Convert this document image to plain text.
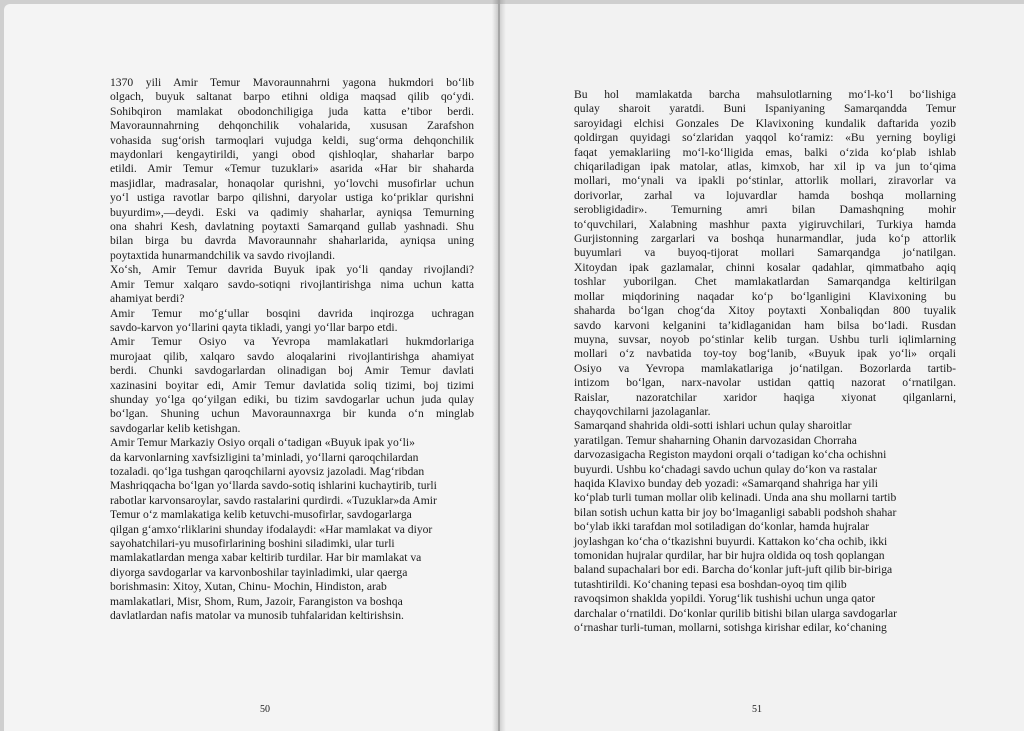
1370 yili Amir Temur Mavoraunnahrni yagona hukmdori bo‘lib
olgach, buyuk saltanat barpo etihni oldiga maqsad qilib qo‘ydi.
Sohibqiron mamlakat obodonchiligiga juda katta e’tibor berdi.
Mavoraunnahrning dehqonchilik vohalarida, xususan Zarafshon
vohasida sug‘orish tarmoqlari vujudga keldi, sug‘orma dehqonchilik
maydonlari kengaytirildi, yangi obod qishloqlar, shaharlar barpo
etildi. Amir Temur «Temur tuzuklari» asarida «Har bir shaharda
masjidlar, madrasalar, honaqolar qurishni, yo‘lovchi musofirlar uchun
yo‘l ustiga ravotlar barpo qilishni, daryolar ustiga ko‘priklar qurishni
buyurdim»,—deydi. Eski va qadimiy shaharlar, ayniqsa Temurning
ona shahri Kesh, davlatning poytaxti Samarqand gullab yashnadi. Shu
bilan birga bu davrda Mavoraunnahr shaharlarida, ayniqsa uning
poytaxtida hunarmandchilik va savdo rivojlandi.

Xo‘sh, Amir Temur davrida Buyuk ipak yo‘li qanday rivojlandi?
Amir Temur xalqaro savdo-sotiqni rivojlantirishga nima uchun katta
ahamiyat berdi?

Amir Temur mo‘g‘ullar bosqini davrida inqirozga uchragan
savdo-karvon yo‘llarini qayta tikladi, yangi yo‘llar barpo etdi.

Amir Temur Osiyo va Yevropa mamlakatlari hukmdorlariga
murojaat qilib, xalqaro savdo aloqalarini rivojlantirishga ahamiyat
berdi. Chunki savdogarlardan olinadigan boj Amir Temur davlati
xazinasini boyitar edi, Amir Temur davlatida soliq tizimi, boj tizimi
shunday yo‘lga qo‘yilgan ediki, bu tizim savdogarlar uchun juda qulay
bo‘lgan. Shuning uchun Mavoraunnaxrga bir kunda o‘n minglab
savdogarlar kelib ketishgan.

Amir Temur Markaziy Osiyo orqali o‘tadigan «Buyuk ipak yo‘li»
da karvonlarning xavfsizligini ta’minladi, yo‘llarni qaroqchilardan
tozaladi. qo‘lga tushgan qaroqchilarni ayovsiz jazoladi. Mag‘ribdan
Mashriqqacha bo‘lgan yo‘llarda savdo-sotiq ishlarini kuchaytirib, turli
rabotlar karvonsaroylar, savdo rastalarini qurdirdi. «Tuzuklar»da Amir
Temur o‘z mamlakatiga kelib ketuvchi-musofirlar, savdogarlarga
qilgan g‘amxo‘rliklarini shunday ifodalaydi: «Har mamlakat va diyor
sayohatchilari-yu musofirlarining boshini siladimki, ular turli
mamlakatlardan menga xabar keltirib turdilar. Har bir mamlakat va
diyorga savdogarlar va karvonboshilar tayinladimki, ular qaerga
borishmasin: Xitoy, Xutan, Chinu- Mochin, Hindiston, arab
mamlakatlari, Misr, Shom, Rum, Jazoir, Farangiston va boshqa
davlatlardan nafis matolar va munosib tuhfalaridan keltirishsin.

50

Bu hol mamlakatda barcha mahsulotlarning mo‘l-ko‘l bo‘lishiga
qulay sharoit yaratdi. Buni Ispaniyaning Samarqandda Temur
saroyidagi elchisi Gonzales De Klavixoning kundalik daftarida yozib
qoldirgan quyidagi so‘zlaridan yaqqol ko‘ramiz: «Bu yerning boyligi
faqat yemaklariing mo‘l-ko‘lligida emas, balki o‘zida ko‘plab ishlab
chiqariladigan ipak matolar, atlas, kimxob, har xil ip va jun to‘qima
mollari, mo‘ynali va ipakli po‘stinlar, attorlik mollari, ziravorlar va
dorivorlar, zarhal va lojuvardlar hamda boshqa mollarning
serobligidadir». Temurning amri bilan Damashqning mohir
to‘quvchilari, Xalabning mashhur paxta yigiruvchilari, Turkiya hamda
Gurjistonning zargarlari va boshqa hunarmandlar, juda ko‘p attorlik
buyumlari va buyoq-tijorat mollari Samarqandga jo‘natilgan.
Xitoydan ipak gazlamalar, chinni kosalar qadahlar, qimmatbaho aqiq
toshlar yuborilgan. Chet mamlakatlardan Samarqandga keltirilgan
mollar miqdorining naqadar ko‘p bo‘lganligini Klavixoning bu
shaharda bo‘lgan chog‘da Xitoy poytaxti Xonbaliqdan 800 tuyalik
savdo karvoni kelganini ta’kidlaganidan ham bilsa bo‘ladi. Rusdan
muyna, suvsar, noyob po‘stinlar kelib turgan. Ushbu turli iqlimlarning
mollari o‘z navbatida toy-toy bog‘lanib, «Buyuk ipak yo‘li» orqali
Osiyo va Yevropa mamlakatlariga jo‘natilgan. Bozorlarda tartib-
intizom bo‘lgan, narx-navolar ustidan qattiq nazorat o‘rnatilgan.
Raislar, nazoratchilar xaridor haqiga xiyonat qilganlarni,
chayqovchilarni jazolaganlar.

Samarqand shahrida oldi-sotti ishlari uchun qulay sharoitlar
yaratilgan. Temur shaharning Ohanin darvozasidan Chorraha
darvozasigacha Registon maydoni orqali o‘tadigan ko‘cha ochishni
buyurdi. Ushbu ko‘chadagi savdo uchun qulay do‘kon va rastalar
haqida Klavixo bunday deb yozadi: «Samarqand shahriga har yili
ko‘plab turli tuman mollar olib kelinadi. Unda ana shu mollarni tartib
bilan sotish uchun katta bir joy bo‘lmaganligi sababli podshoh shahar
bo‘ylab ikki tarafdan mol sotiladigan do‘konlar, hamda hujralar
joylashgan ko‘cha o‘tkazishni buyurdi. Kattakon ko‘cha ochib, ikki
tomonidan hujralar qurdilar, har bir hujra oldida oq tosh qoplangan
baland supachalari bor edi. Barcha do‘konlar juft-juft qilib bir-biriga
tutashtirildi. Ko‘chaning tepasi esa boshdan-oyoq tim qilib
ravoqsimon shaklda yopildi. Yorug‘lik tushishi uchun unga qator
darchalar o‘rnatildi. Do‘konlar qurilib bitishi bilan ularga savdogarlar
o‘rnashar turli-tuman, mollarni, sotishga kirishar edilar, ko‘chaning

51
